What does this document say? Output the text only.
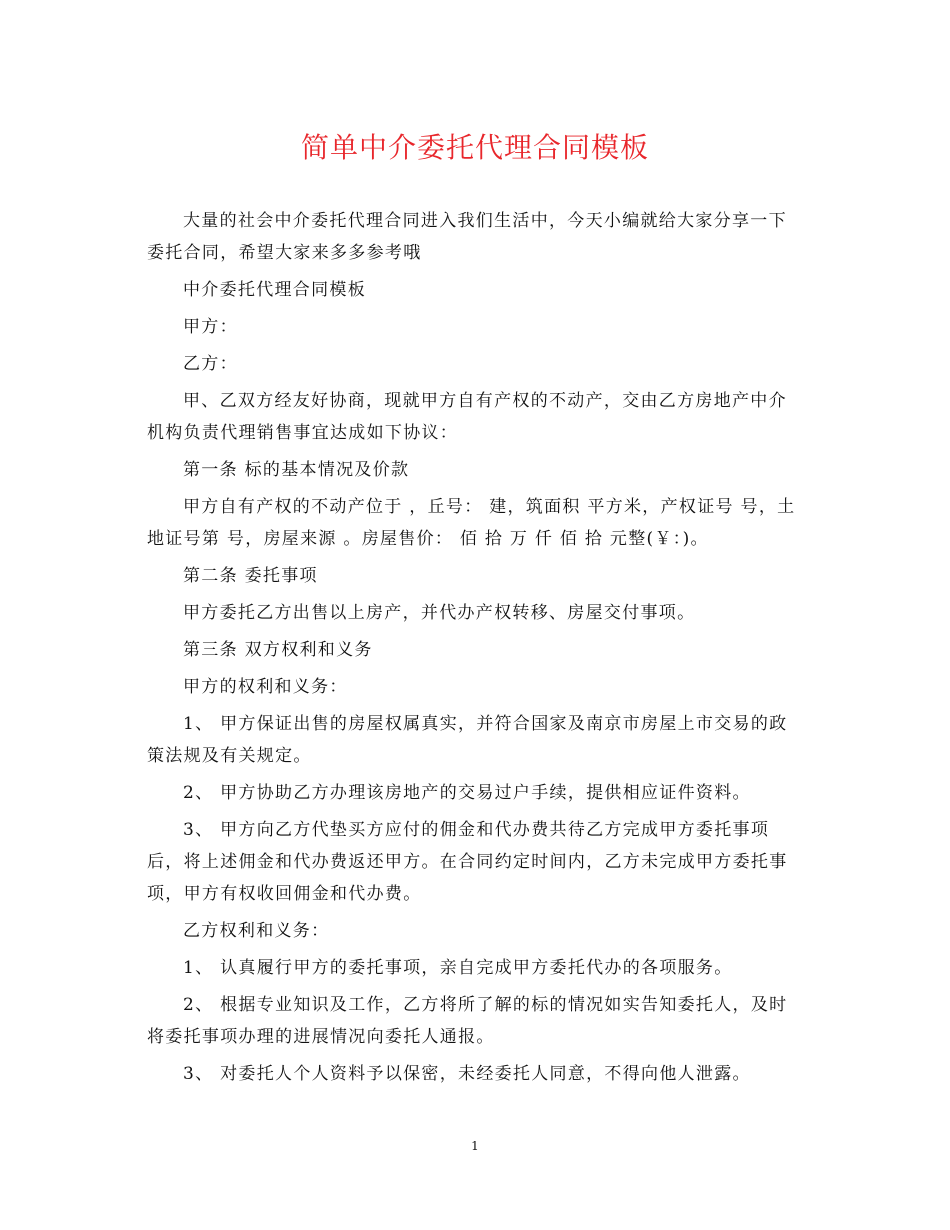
简单中介委托代理合同模板

大量的社会中介委托代理合同进入我们生活中，今天小编就给大家分享一下委托合同，希望大家来多多参考哦

中介委托代理合同模板

甲方：

乙方：

甲、乙双方经友好协商，现就甲方自有产权的不动产，交由乙方房地产中介机构负责代理销售事宜达成如下协议：

第一条 标的基本情况及价款

甲方自有产权的不动产位于 ，丘号： 建，筑面积 平方米，产权证号 号，土地证号第 号，房屋来源 。房屋售价： 佰 拾 万 仟 佰 拾 元整(￥：)。

第二条 委托事项

甲方委托乙方出售以上房产，并代办产权转移、房屋交付事项。

第三条 双方权利和义务

甲方的权利和义务：

1、 甲方保证出售的房屋权属真实，并符合国家及南京市房屋上市交易的政策法规及有关规定。

2、 甲方协助乙方办理该房地产的交易过户手续，提供相应证件资料。

3、 甲方向乙方代垫买方应付的佣金和代办费共待乙方完成甲方委托事项后，将上述佣金和代办费返还甲方。在合同约定时间内，乙方未完成甲方委托事项，甲方有权收回佣金和代办费。

乙方权利和义务：

1、 认真履行甲方的委托事项，亲自完成甲方委托代办的各项服务。

2、 根据专业知识及工作，乙方将所了解的标的情况如实告知委托人，及时将委托事项办理的进展情况向委托人通报。

3、 对委托人个人资料予以保密，未经委托人同意，不得向他人泄露。

1
